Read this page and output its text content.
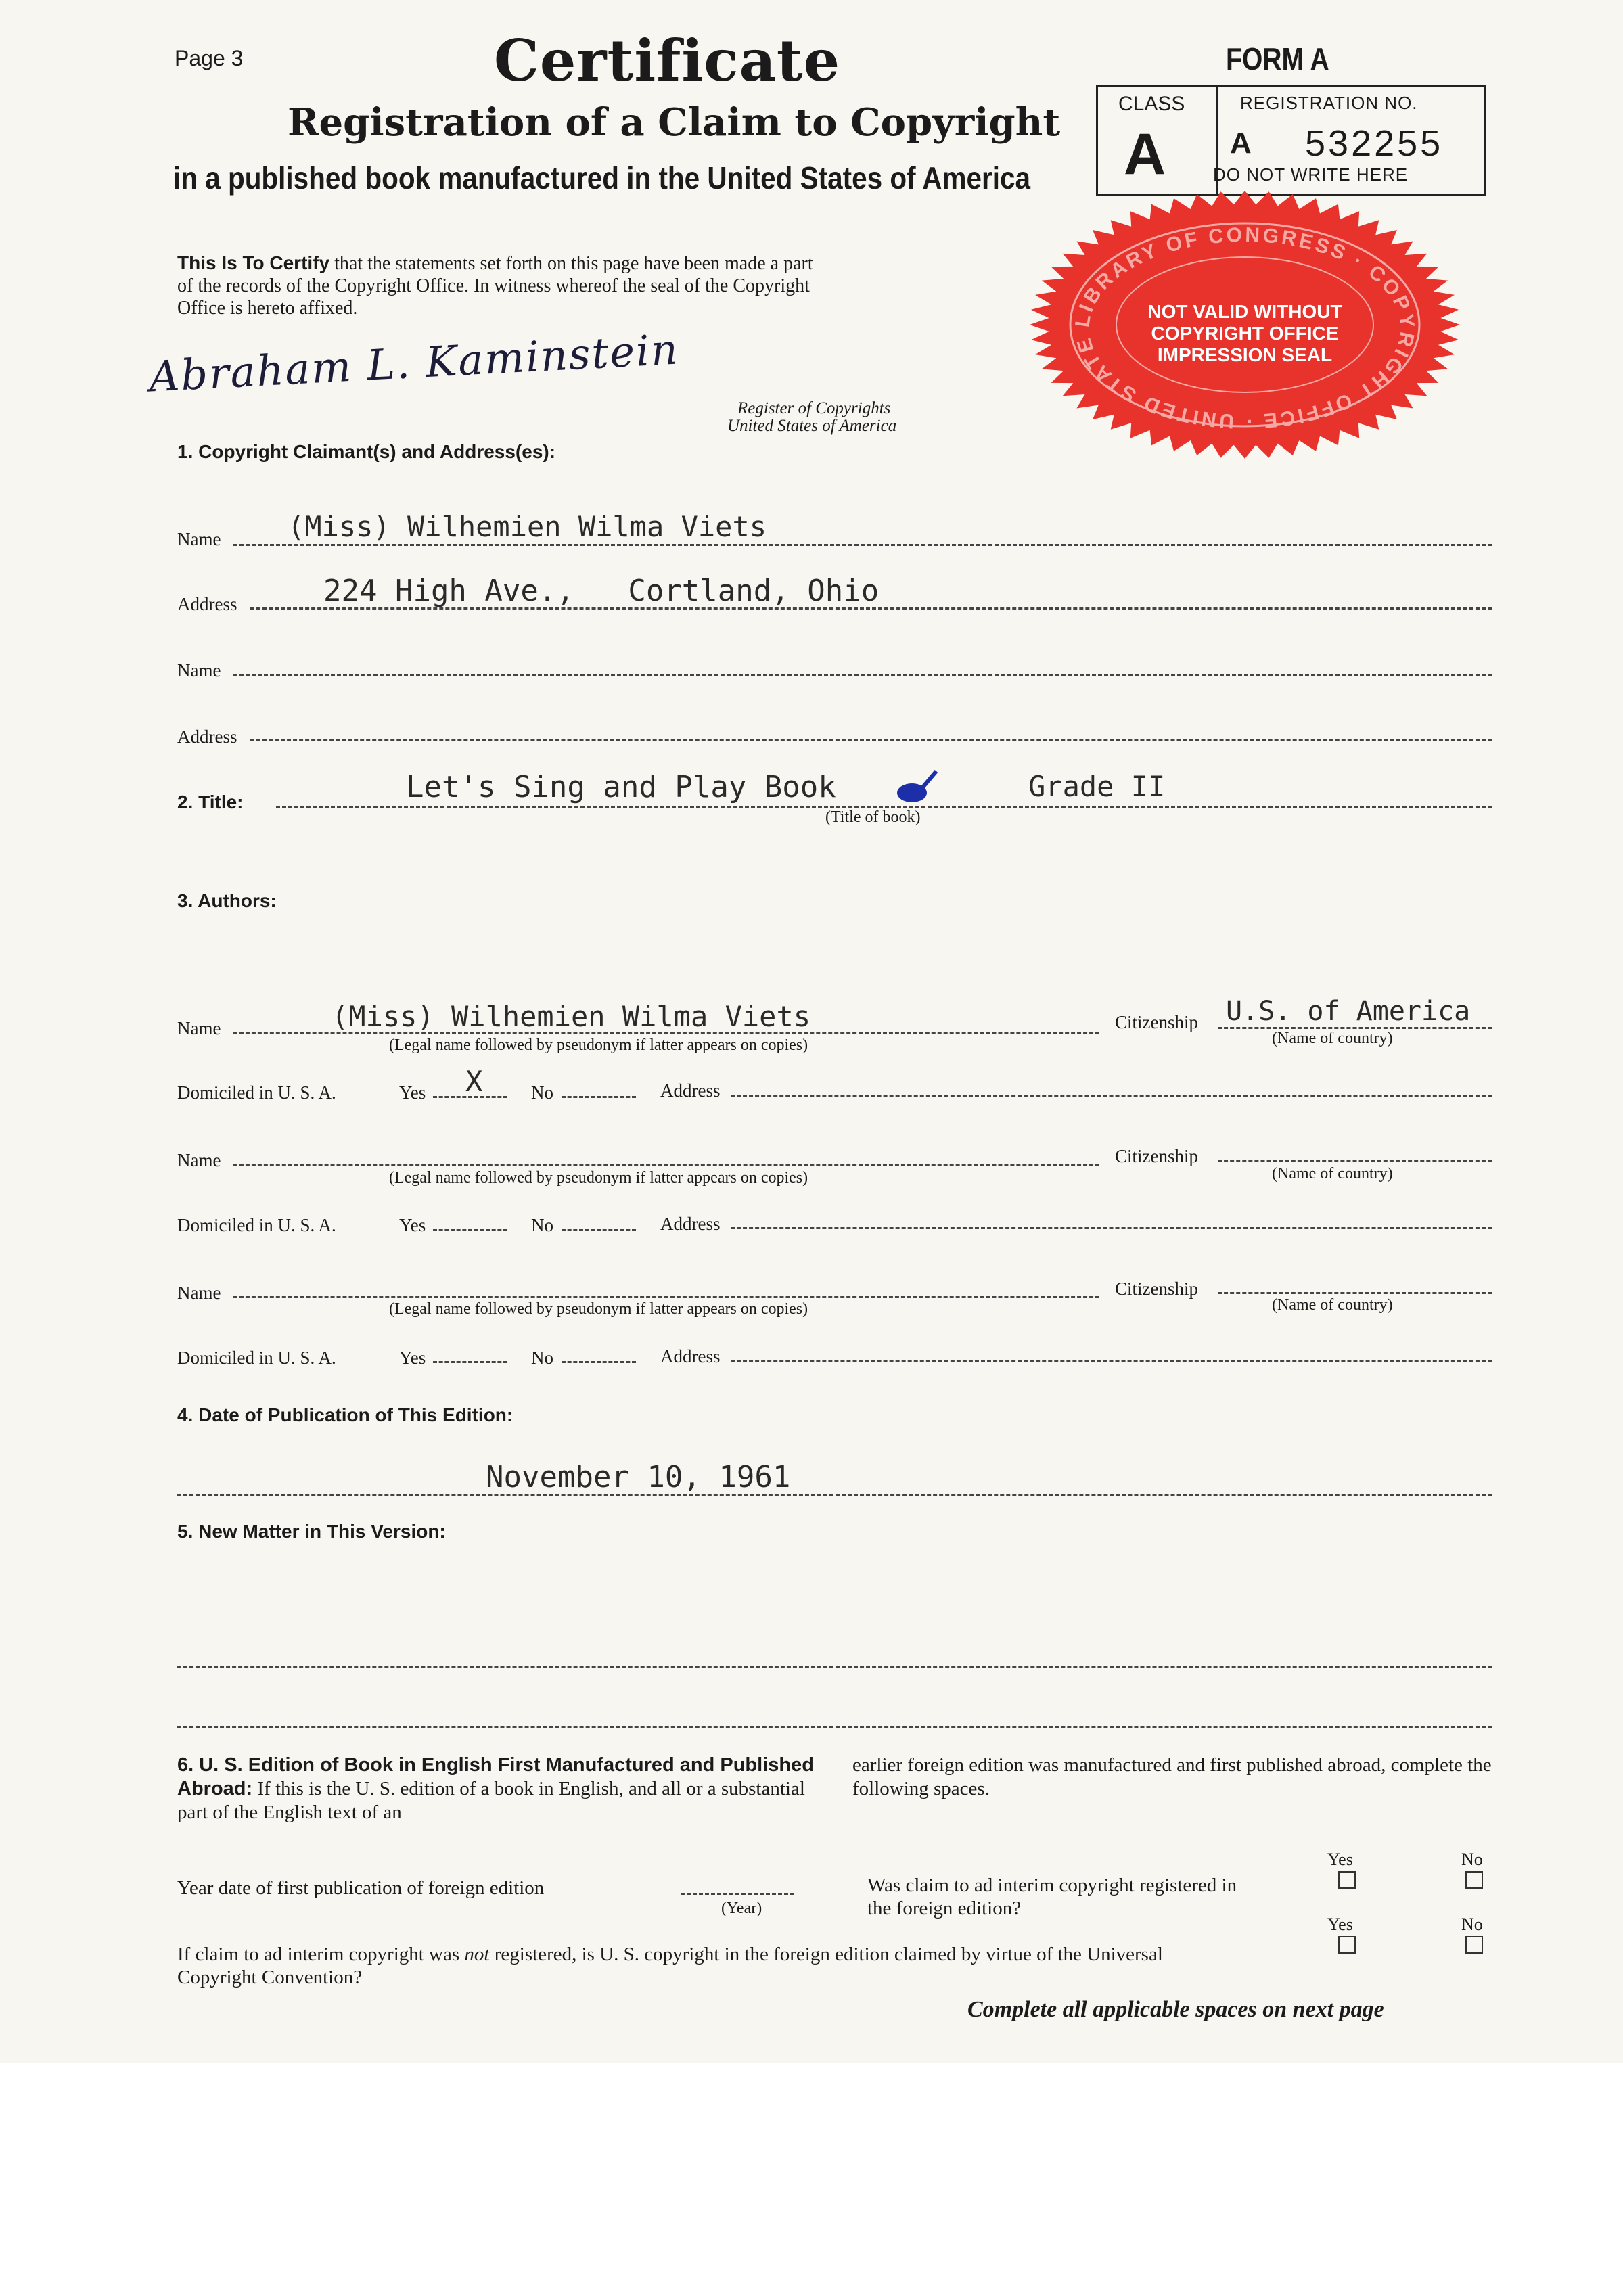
Page 3	Certificate
Registration of a Claim to Copyright
in a published book manufactured in the United States of America
FORM A
CLASS
A
REGISTRATION NO.
A 532255
DO NOT WRITE HERE
This Is To Certify that the statements set forth on this page have been made a part
of the records of the Copyright Office. In witness whereof the seal of the Copyright
Office is hereto affixed.
Abraham L. Kaminstein
Register of Copyrights
United States of America
LIBRARY OF CONGRESS · COPYRIGHT OFFICE · UNITED STATE
NOT VALID WITHOUT
COPYRIGHT OFFICE
IMPRESSION SEAL
1. Copyright Claimant(s) and Address(es):
Name (Miss) Wilhemien Wilma Viets
Address	224 High Ave.,   Cortland, Ohio
Name
Address
2. Title:	Let's Sing and Play Book	Grade II
(Title of book)
3. Authors:
Name	(Miss) Wilhemien Wilma Viets
(Legal name followed by pseudonym if latter appears on copies)
Citizenship U.S. of America
(Name of country)
Domiciled in U. S. A.	Yes X	No	Address
Name
(Legal name followed by pseudonym if latter appears on copies)
Citizenship
(Name of country)
Domiciled in U. S. A.	Yes	No	Address
Name
(Legal name followed by pseudonym if latter appears on copies)
Citizenship
(Name of country)
Domiciled in U. S. A.	Yes	No	Address
4. Date of Publication of This Edition:
November 10, 1961
5. New Matter in This Version:
6. U. S. Edition of Book in English First Manufactured and Published Abroad: If this is the U. S. edition of a book in English, and all or a substantial part of the English text of an
earlier foreign edition was manufactured and first published abroad, complete the following spaces.
Year date of first publication of foreign edition
(Year)
Was claim to ad interim copyright registered in the foreign edition?
Yes	No
If claim to ad interim copyright was not registered, is U. S. copyright in the foreign edition claimed by virtue of the Universal Copyright Convention?
Yes	No
Complete all applicable spaces on next page
